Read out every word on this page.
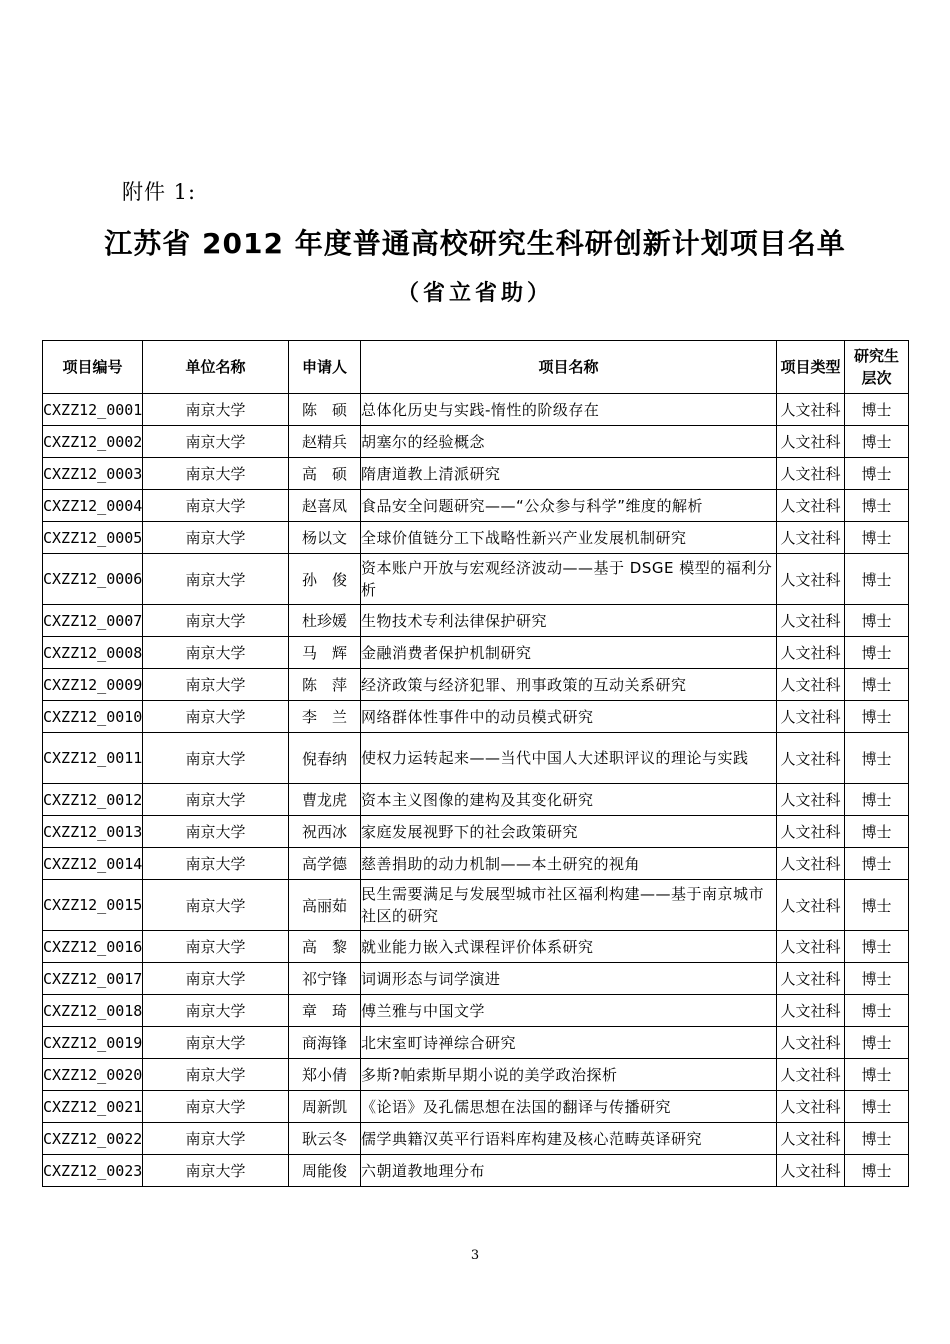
附件 1:
江苏省 2012 年度普通高校研究生科研创新计划项目名单
（省立省助）
项目编号	单位名称	申请人	项目名称	项目类型	研究生
层次
CXZZ12_0001	南京大学	陈　硕	总体化历史与实践-惰性的阶级存在	人文社科	博士
CXZZ12_0002	南京大学	赵精兵	胡塞尔的经验概念	人文社科	博士
CXZZ12_0003	南京大学	高　硕	隋唐道教上清派研究	人文社科	博士
CXZZ12_0004	南京大学	赵喜凤	食品安全问题研究——“公众参与科学”维度的解析	人文社科	博士
CXZZ12_0005	南京大学	杨以文	全球价值链分工下战略性新兴产业发展机制研究	人文社科	博士
CXZZ12_0006	南京大学	孙　俊	资本账户开放与宏观经济波动——基于 DSGE 模型的福利分析	人文社科	博士
CXZZ12_0007	南京大学	杜珍媛	生物技术专利法律保护研究	人文社科	博士
CXZZ12_0008	南京大学	马　辉	金融消费者保护机制研究	人文社科	博士
CXZZ12_0009	南京大学	陈　萍	经济政策与经济犯罪、刑事政策的互动关系研究	人文社科	博士
CXZZ12_0010	南京大学	李　兰	网络群体性事件中的动员模式研究	人文社科	博士
CXZZ12_0011	南京大学	倪春纳	使权力运转起来——当代中国人大述职评议的理论与实践	人文社科	博士
CXZZ12_0012	南京大学	曹龙虎	资本主义图像的建构及其变化研究	人文社科	博士
CXZZ12_0013	南京大学	祝西冰	家庭发展视野下的社会政策研究	人文社科	博士
CXZZ12_0014	南京大学	高学德	慈善捐助的动力机制——本土研究的视角	人文社科	博士
CXZZ12_0015	南京大学	高丽茹	民生需要满足与发展型城市社区福利构建——基于南京城市社区的研究	人文社科	博士
CXZZ12_0016	南京大学	高　黎	就业能力嵌入式课程评价体系研究	人文社科	博士
CXZZ12_0017	南京大学	祁宁锋	词调形态与词学演进	人文社科	博士
CXZZ12_0018	南京大学	章　琦	傅兰雅与中国文学	人文社科	博士
CXZZ12_0019	南京大学	商海锋	北宋室町诗禅综合研究	人文社科	博士
CXZZ12_0020	南京大学	郑小倩	多斯?帕索斯早期小说的美学政治探析	人文社科	博士
CXZZ12_0021	南京大学	周新凯	《论语》及孔儒思想在法国的翻译与传播研究	人文社科	博士
CXZZ12_0022	南京大学	耿云冬	儒学典籍汉英平行语料库构建及核心范畴英译研究	人文社科	博士
CXZZ12_0023	南京大学	周能俊	六朝道教地理分布	人文社科	博士
3
